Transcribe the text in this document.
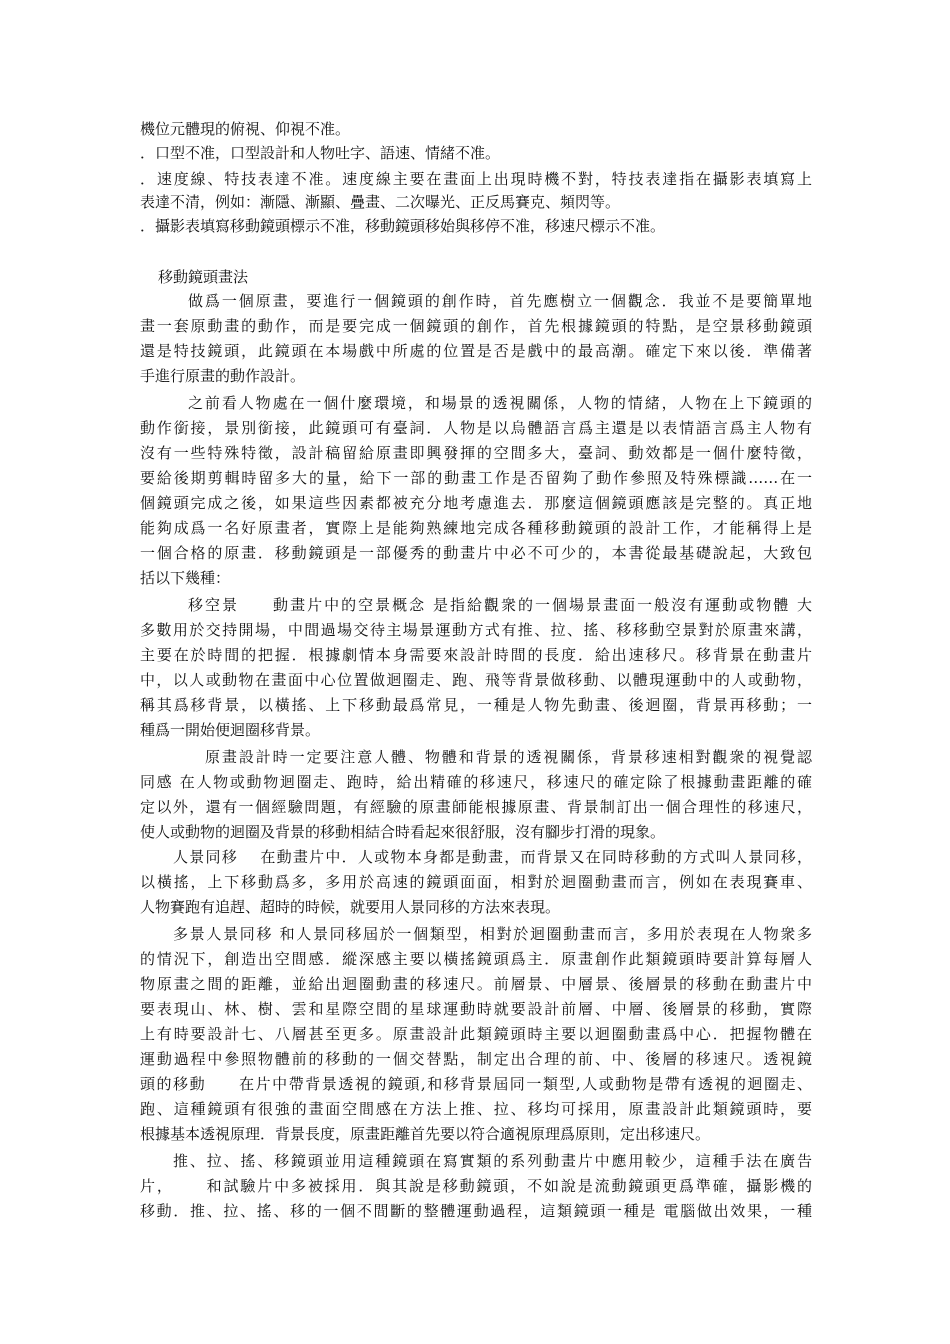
機位元體現的俯視、仰視不准。
．口型不准，口型設計和人物吐字、語速、情緒不准。
．速度線、特技表達不准。速度線主要在畫面上出現時機不對，特技表達指在攝影表填寫上
表達不清，例如：漸隱、漸顯、疊畫、二次曝光、正反馬賽克、頻閃等。
．攝影表填寫移動鏡頭標示不准，移動鏡頭移始與移停不准，移速尺標示不准。
移動鏡頭畫法
做爲一個原畫，要進行一個鏡頭的創作時，首先應樹立一個觀念．我並不是要簡單地
畫一套原動畫的動作，而是要完成一個鏡頭的創作，首先根據鏡頭的特點，是空景移動鏡頭
還是特技鏡頭，此鏡頭在本場戲中所處的位置是否是戲中的最高潮。確定下來以後．準備著
手進行原畫的動作設計。
之前看人物處在一個什麼環境，和場景的透視關係，人物的情緒，人物在上下鏡頭的
動作銜接，景別銜接，此鏡頭可有臺詞．人物是以烏體語言爲主還是以表情語言爲主人物有
沒有一些特殊特徵，設計稿留給原畫即興發揮的空間多大，臺詞、動效都是一個什麼特徵，
要給後期剪輯時留多大的量，給下一部的動畫工作是否留夠了動作參照及特殊標識……在一
個鏡頭完成之後，如果這些因素都被充分地考慮進去．那麼這個鏡頭應該是完整的。真正地
能夠成爲一名好原畫者，實際上是能夠熟練地完成各種移動鏡頭的設計工作，才能稱得上是
一個合格的原畫．移動鏡頭是一部優秀的動畫片中必不可少的，本書從最基礎說起，大致包
括以下幾種：
移空景　　動畫片中的空景概念 是指給觀衆的一個場景畫面一般沒有運動或物體 大
多數用於交持開場，中間過場交待主場景運動方式有推、拉、搖、移移動空景對於原畫來講，
主要在於時間的把握．根據劇情本身需要來設計時間的長度．給出速移尺。移背景在動畫片
中，以人或動物在畫面中心位置做迴圈走、跑、飛等背景做移動、以體現運動中的人或動物，
稱其爲移背景，以橫搖、上下移動最爲常見，一種是人物先動畫、後迴圈，背景再移動；一
種爲一開始便迴圈移背景。
原畫設計時一定要注意人體、物體和背景的透視關係，背景移速相對觀衆的視覺認
同感 在人物或動物迴圈走、跑時，給出精確的移速尺，移速尺的確定除了根據動畫距離的確
定以外，還有一個經驗問題，有經驗的原畫師能根據原畫、背景制訂出一個合理性的移速尺，
使人或動物的迴圈及背景的移動相結合時看起來很舒服，沒有腳步打滑的現象。
人景同移　 在動畫片中．人或物本身都是動畫，而背景又在同時移動的方式叫人景同移，
以橫搖，上下移動爲多，多用於高速的鏡頭面面，相對於迴圈動畫而言，例如在表現賽車、
人物賽跑有追趕、超時的時候，就要用人景同移的方法來表現。
多景人景同移 和人景同移屆於一個類型，相對於迴圈動畫而言，多用於表現在人物衆多
的情況下，創造出空間感．縱深感主要以橫搖鏡頭爲主．原畫創作此類鏡頭時要計算每層人
物原畫之間的距離，並給出迴圈動畫的移速尺。前層景、中層景、後層景的移動在動畫片中
要表現山、林、樹、雲和星際空間的星球運動時就要設計前層、中層、後層景的移動，實際
上有時要設計七、八層甚至更多。原畫設計此類鏡頭時主要以迴圈動畫爲中心．把握物體在
運動過程中參照物體前的移動的一個交替點，制定出合理的前、中、後層的移速尺。透視鏡
頭的移動　　在片中帶背景透視的鏡頭,和移背景屆同一類型,人或動物是帶有透視的迴圈走、
跑、這種鏡頭有很強的畫面空間感在方法上推、拉、移均可採用，原畫設計此類鏡頭時，要
根據基本透視原理．背景長度，原畫距離首先要以符合適視原理爲原則，定出移速尺。
推、拉、搖、移鏡頭並用這種鏡頭在寫實類的系列動畫片中應用較少，這種手法在廣告
片，　　 和試驗片中多被採用．與其說是移動鏡頭，不如說是流動鏡頭更爲準確，攝影機的
移動．推、拉、搖、移的一個不間斷的整體運動過程，這類鏡頭一種是 電腦做出效果，一種
